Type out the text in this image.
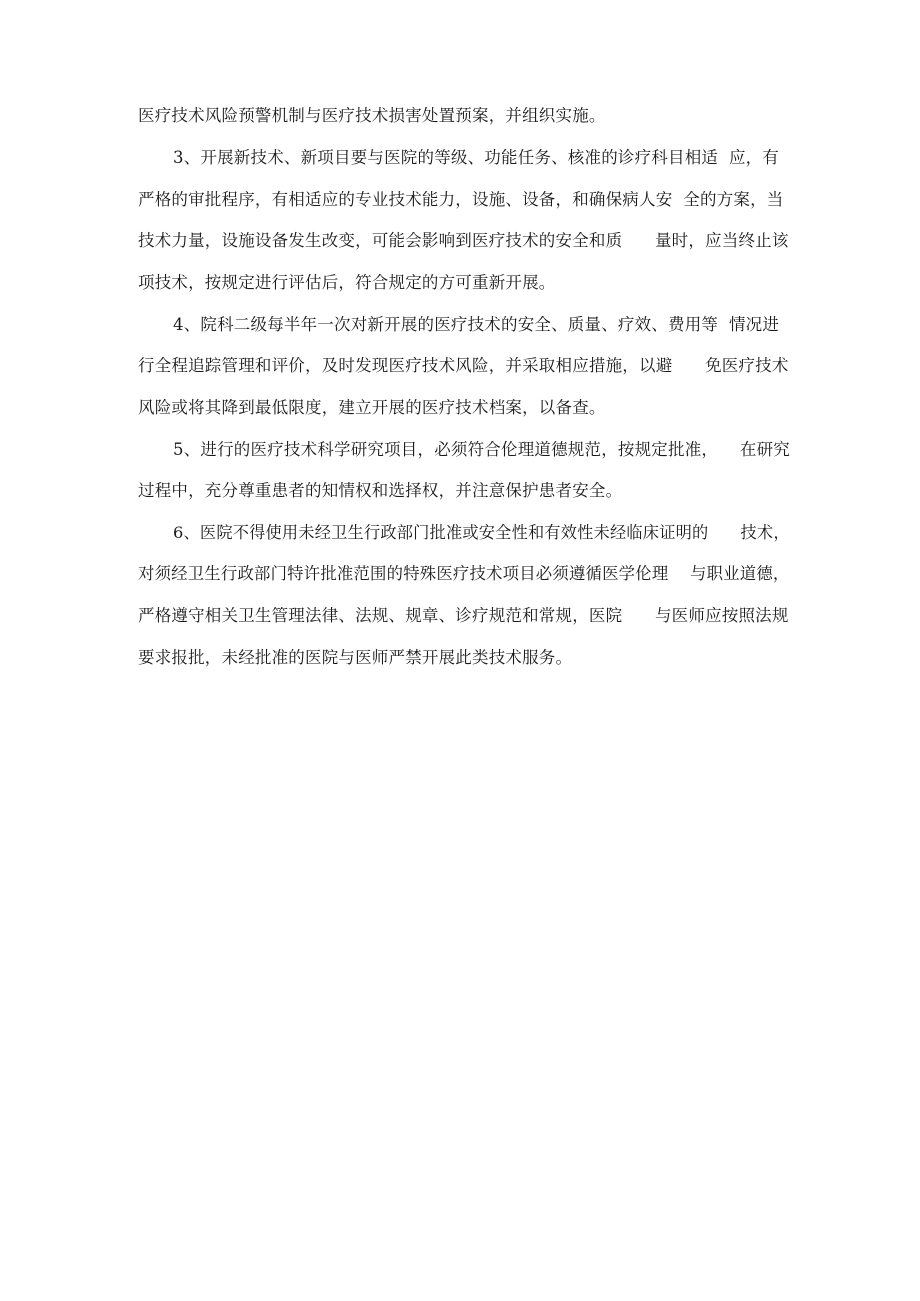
医疗技术风险预警机制与医疗技术损害处置预案，并组织实施。
3、开展新技术、新项目要与医院的等级、功能任务、核准的诊疗科目相适  应，有
严格的审批程序，有相适应的专业技术能力，设施、设备，和确保病人安  全的方案，当
技术力量，设施设备发生改变，可能会影响到医疗技术的安全和质      量时，应当终止该
项技术，按规定进行评估后，符合规定的方可重新开展。
4、院科二级每半年一次对新开展的医疗技术的安全、质量、疗效、费用等  情况进
行全程追踪管理和评价，及时发现医疗技术风险，并采取相应措施，以避      免医疗技术
风险或将其降到最低限度，建立开展的医疗技术档案，以备查。
5、进行的医疗技术科学研究项目，必须符合伦理道德规范，按规定批准，    在研究
过程中，充分尊重患者的知情权和选择权，并注意保护患者安全。
6、医院不得使用未经卫生行政部门批准或安全性和有效性未经临床证明的      技术，
对须经卫生行政部门特许批准范围的特殊医疗技术项目必须遵循医学伦理    与职业道德，
严格遵守相关卫生管理法律、法规、规章、诊疗规范和常规，医院      与医师应按照法规
要求报批，未经批准的医院与医师严禁开展此类技术服务。
